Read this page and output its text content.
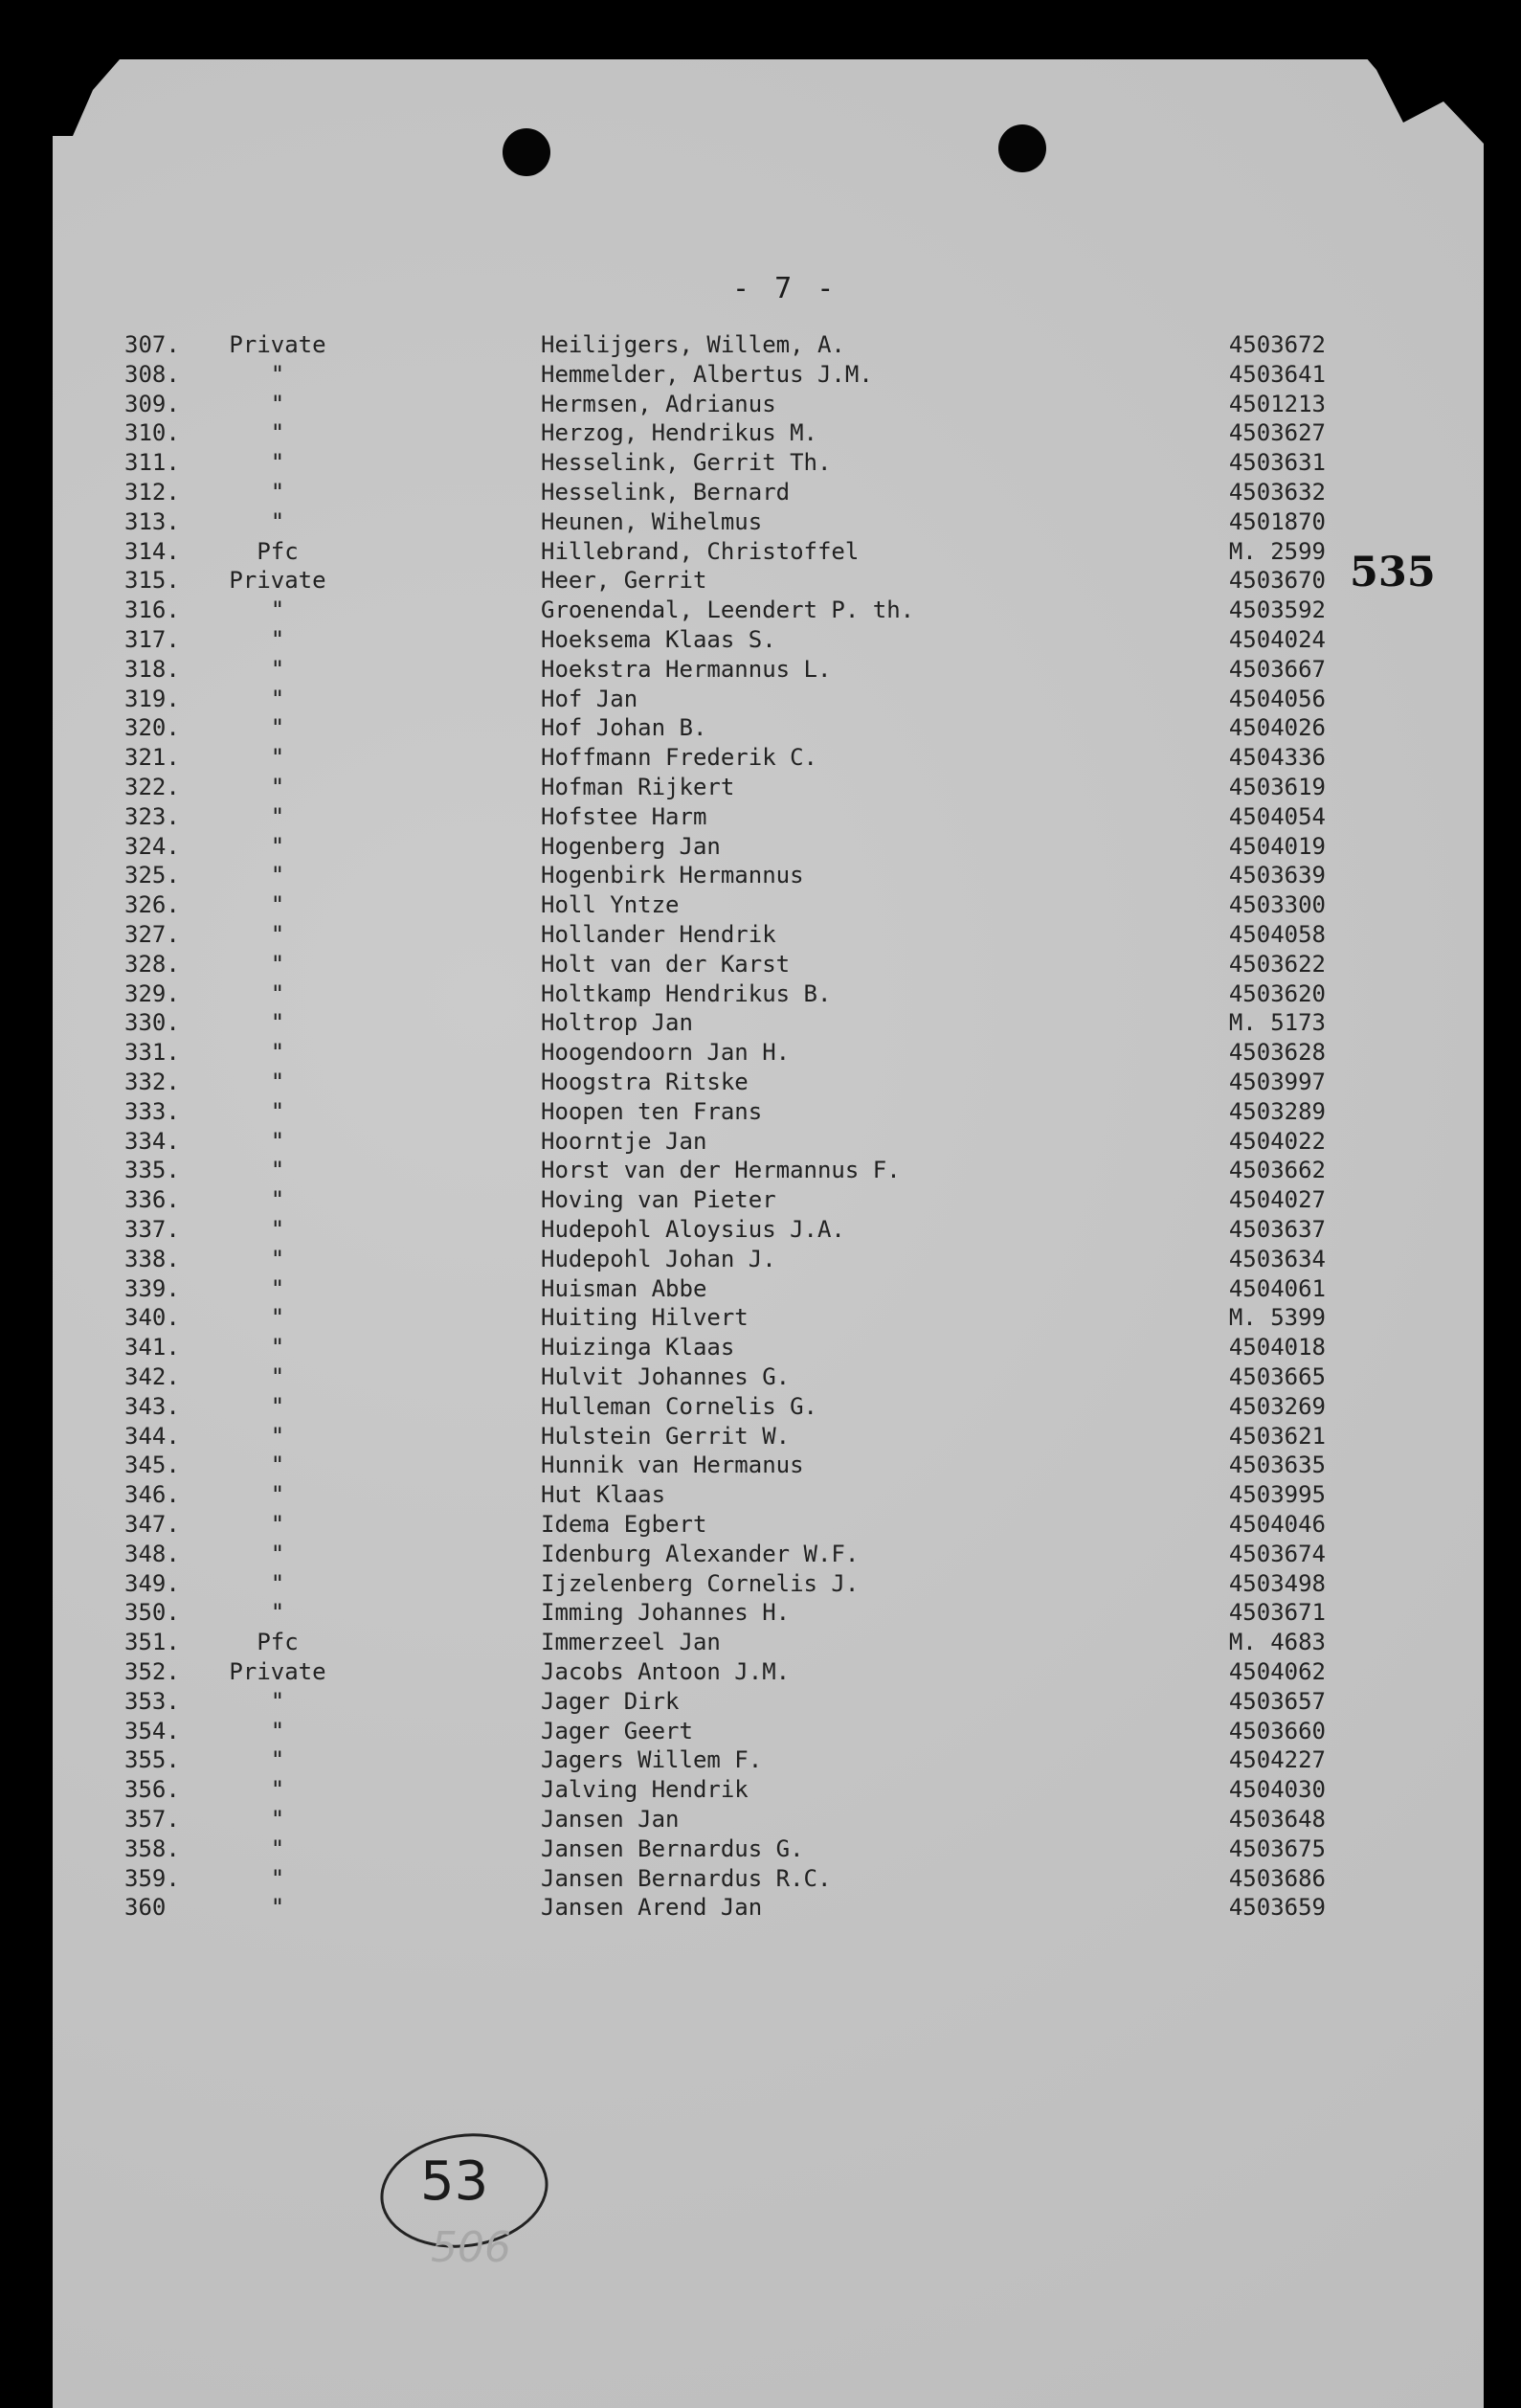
- 7 -
535
307.	Private	Heilijgers, Willem, A.	4503672
308.	"	Hemmelder, Albertus J.M.	4503641
309.	"	Hermsen, Adrianus	4501213
310.	"	Herzog, Hendrikus M.	4503627
311.	"	Hesselink, Gerrit Th.	4503631
312.	"	Hesselink, Bernard	4503632
313.	"	Heunen, Wihelmus	4501870
314.	Pfc	Hillebrand, Christoffel	M. 2599
315.	Private	Heer, Gerrit	4503670
316.	"	Groenendal, Leendert P. th.	4503592
317.	"	Hoeksema Klaas S.	4504024
318.	"	Hoekstra Hermannus L.	4503667
319.	"	Hof Jan	4504056
320.	"	Hof Johan B.	4504026
321.	"	Hoffmann Frederik C.	4504336
322.	"	Hofman Rijkert	4503619
323.	"	Hofstee Harm	4504054
324.	"	Hogenberg Jan	4504019
325.	"	Hogenbirk Hermannus	4503639
326.	"	Holl Yntze	4503300
327.	"	Hollander Hendrik	4504058
328.	"	Holt van der Karst	4503622
329.	"	Holtkamp Hendrikus B.	4503620
330.	"	Holtrop Jan	M. 5173
331.	"	Hoogendoorn Jan H.	4503628
332.	"	Hoogstra Ritske	4503997
333.	"	Hoopen ten Frans	4503289
334.	"	Hoorntje Jan	4504022
335.	"	Horst van der Hermannus F.	4503662
336.	"	Hoving van Pieter	4504027
337.	"	Hudepohl Aloysius J.A.	4503637
338.	"	Hudepohl Johan J.	4503634
339.	"	Huisman Abbe	4504061
340.	"	Huiting Hilvert	M. 5399
341.	"	Huizinga Klaas	4504018
342.	"	Hulvit Johannes G.	4503665
343.	"	Hulleman Cornelis G.	4503269
344.	"	Hulstein Gerrit W.	4503621
345.	"	Hunnik van Hermanus	4503635
346.	"	Hut Klaas	4503995
347.	"	Idema Egbert	4504046
348.	"	Idenburg Alexander W.F.	4503674
349.	"	Ijzelenberg Cornelis J.	4503498
350.	"	Imming Johannes H.	4503671
351.	Pfc	Immerzeel Jan	M. 4683
352.	Private	Jacobs Antoon J.M.	4504062
353.	"	Jager Dirk	4503657
354.	"	Jager Geert	4503660
355.	"	Jagers Willem F.	4504227
356.	"	Jalving Hendrik	4504030
357.	"	Jansen Jan	4503648
358.	"	Jansen Bernardus G.	4503675
359.	"	Jansen Bernardus R.C.	4503686
360	"	Jansen Arend Jan	4503659
53
506
